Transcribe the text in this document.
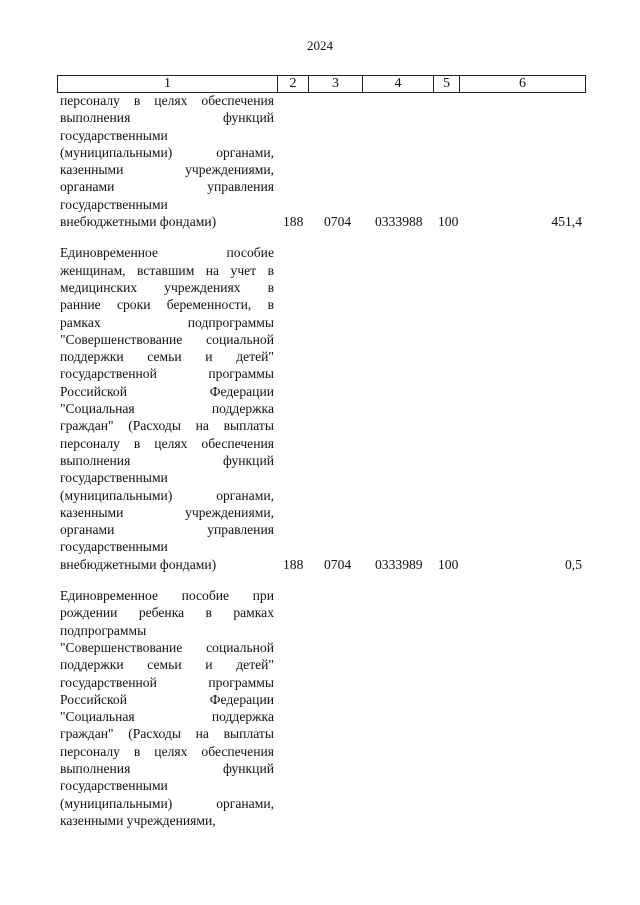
2024
1	2	3	4	5	6
персоналу в целях обеспечения
выполнения функций
государственными
(муниципальными) органами,
казенными учреждениями,
органами управления
государственными
внебюджетными фондами)	188 0704 0333988 100	451,4
Единовременное пособие
женщинам, вставшим на учет в
медицинских учреждениях в
ранние сроки беременности, в
рамках подпрограммы
"Совершенствование социальной
поддержки семьи и детей"
государственной программы
Российской Федерации
"Социальная поддержка
граждан" (Расходы на выплаты
персоналу в целях обеспечения
выполнения функций
государственными
(муниципальными) органами,
казенными учреждениями,
органами управления
государственными
внебюджетными фондами)	188 0704 0333989 100	0,5
Единовременное пособие при
рождении ребенка в рамках
подпрограммы
"Совершенствование социальной
поддержки семьи и детей"
государственной программы
Российской Федерации
"Социальная поддержка
граждан" (Расходы на выплаты
персоналу в целях обеспечения
выполнения функций
государственными
(муниципальными) органами,
казенными учреждениями,
